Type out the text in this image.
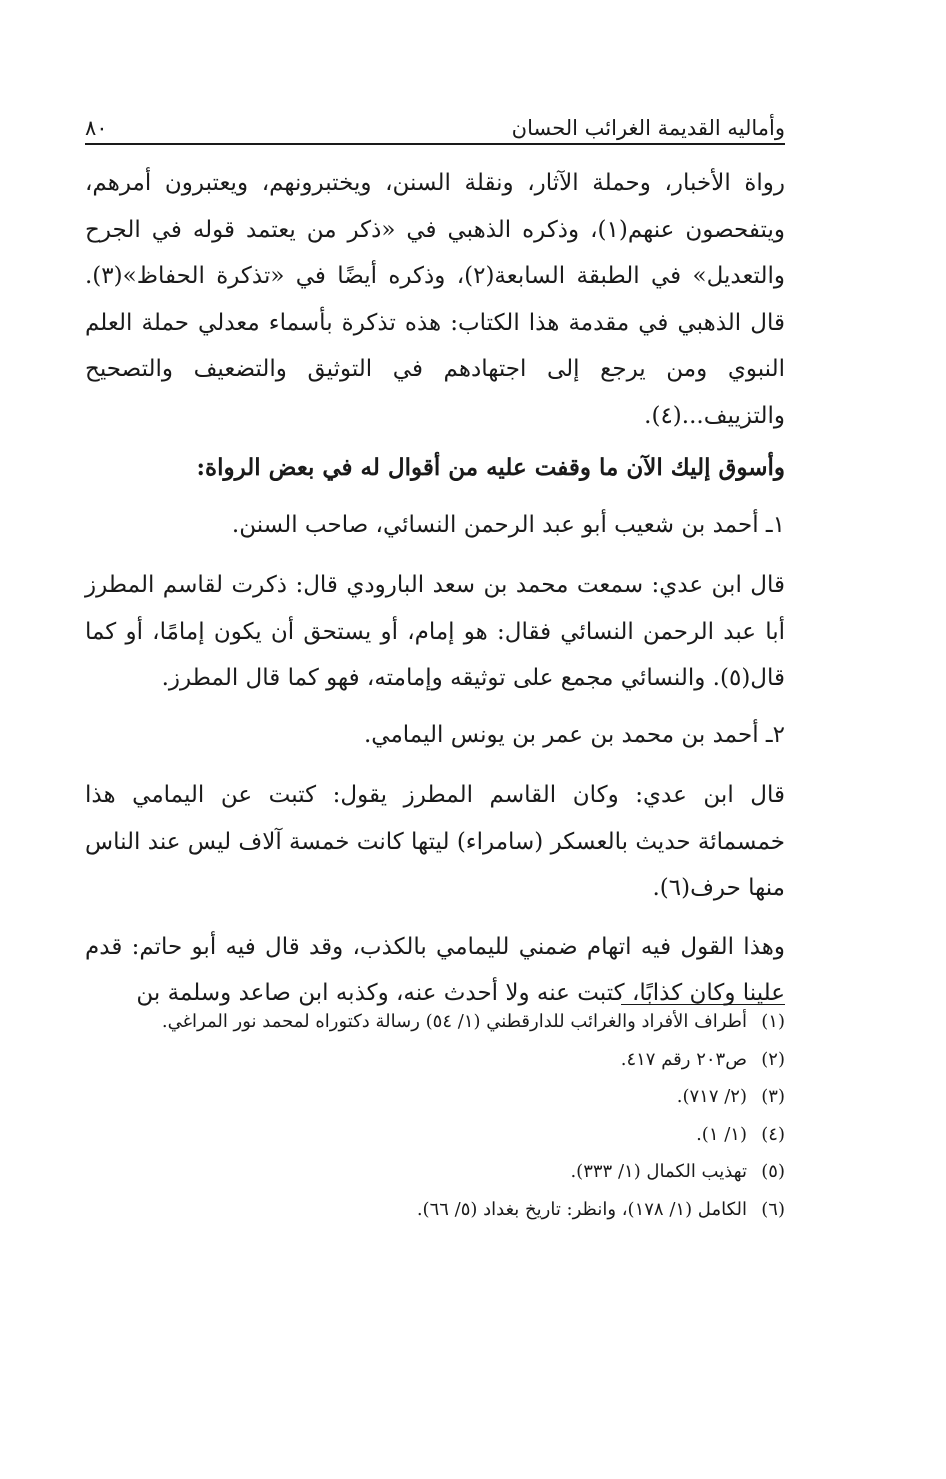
وأماليه القديمة الغرائب الحسان
٨٠

رواة الأخبار، وحملة الآثار، ونقلة السنن، ويختبرونهم، ويعتبرون أمرهم، ويتفحصون عنهم(١)، وذكره الذهبي في «ذكر من يعتمد قوله في الجرح والتعديل» في الطبقة السابعة(٢)، وذكره أيضًا في «تذكرة الحفاظ»(٣). قال الذهبي في مقدمة هذا الكتاب: هذه تذكرة بأسماء معدلي حملة العلم النبوي ومن يرجع إلى اجتهادهم في التوثيق والتضعيف والتصحيح والتزييف...(٤).

وأسوق إليك الآن ما وقفت عليه من أقوال له في بعض الرواة:

١ـ أحمد بن شعيب أبو عبد الرحمن النسائي، صاحب السنن.

قال ابن عدي: سمعت محمد بن سعد البارودي قال: ذكرت لقاسم المطرز أبا عبد الرحمن النسائي فقال: هو إمام، أو يستحق أن يكون إمامًا، أو كما قال(٥). والنسائي مجمع على توثيقه وإمامته، فهو كما قال المطرز.

٢ـ أحمد بن محمد بن عمر بن يونس اليمامي.

قال ابن عدي: وكان القاسم المطرز يقول: كتبت عن اليمامي هذا خمسمائة حديث بالعسكر (سامراء) ليتها كانت خمسة آلاف ليس عند الناس منها حرف(٦).

وهذا القول فيه اتهام ضمني لليمامي بالكذب، وقد قال فيه أبو حاتم: قدم علينا وكان كذابًا، كتبت عنه ولا أحدث عنه، وكذبه ابن صاعد وسلمة بن

(١)أطراف الأفراد والغرائب للدارقطني (١/ ٥٤) رسالة دكتوراه لمحمد نور المراغي.
(٢)ص٢٠٣ رقم ٤١٧.
(٣)(٢/ ٧١٧).
(٤)(١/ ١).
(٥)تهذيب الكمال (١/ ٣٣٣).
(٦)الكامل (١/ ١٧٨)، وانظر: تاريخ بغداد (٥/ ٦٦).
